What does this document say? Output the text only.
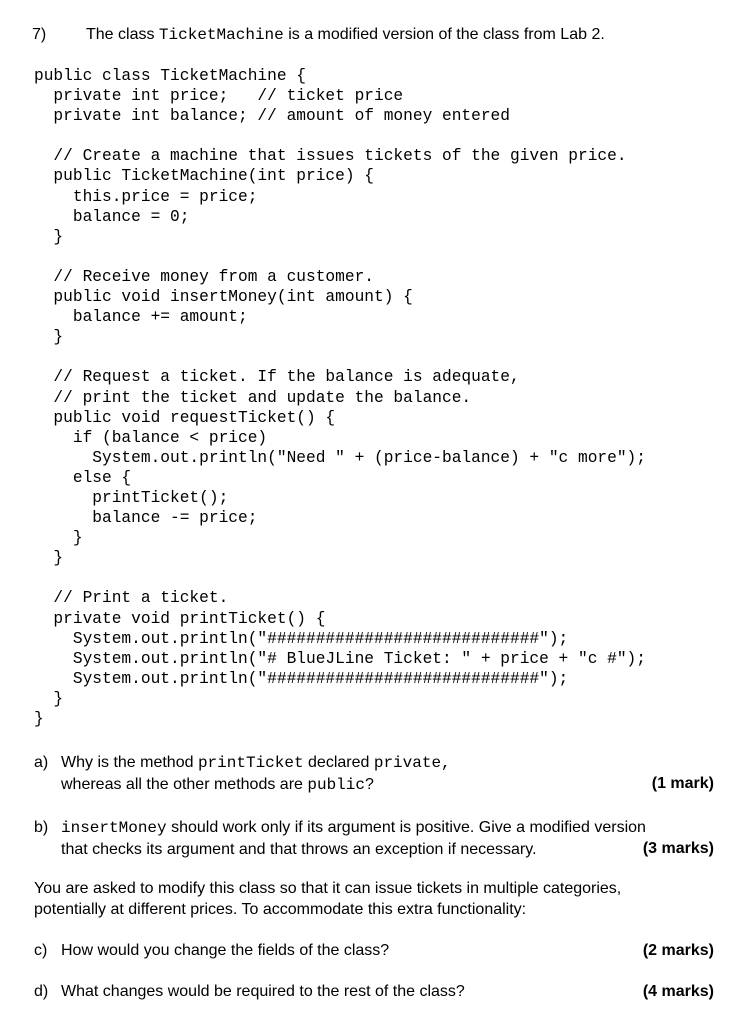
7) The class TicketMachine is a modified version of the class from Lab 2.
public class TicketMachine {
private int price;   // ticket price
private int balance; // amount of money entered

// Create a machine that issues tickets of the given price.
public TicketMachine(int price) {
this.price = price;
balance = 0;
}

// Receive money from a customer.
public void insertMoney(int amount) {
balance += amount;
}

// Request a ticket. If the balance is adequate,
// print the ticket and update the balance.
public void requestTicket() {
if (balance < price)
System.out.println("Need " + (price-balance) + "c more");
else {
printTicket();
balance -= price;
}
}

// Print a ticket.
private void printTicket() {
System.out.println("############################");
System.out.println("# BlueJLine Ticket: " + price + "c #");
System.out.println("############################");
}
}
a) Why is the method printTicket declared private,
whereas all the other methods are public?	(1 mark)
b) insertMoney should work only if its argument is positive. Give a modified version
that checks its argument and that throws an exception if necessary.	(3 marks)
You are asked to modify this class so that it can issue tickets in multiple categories,
potentially at different prices. To accommodate this extra functionality:
c) How would you change the fields of the class?	(2 marks)
d) What changes would be required to the rest of the class?	(4 marks)
